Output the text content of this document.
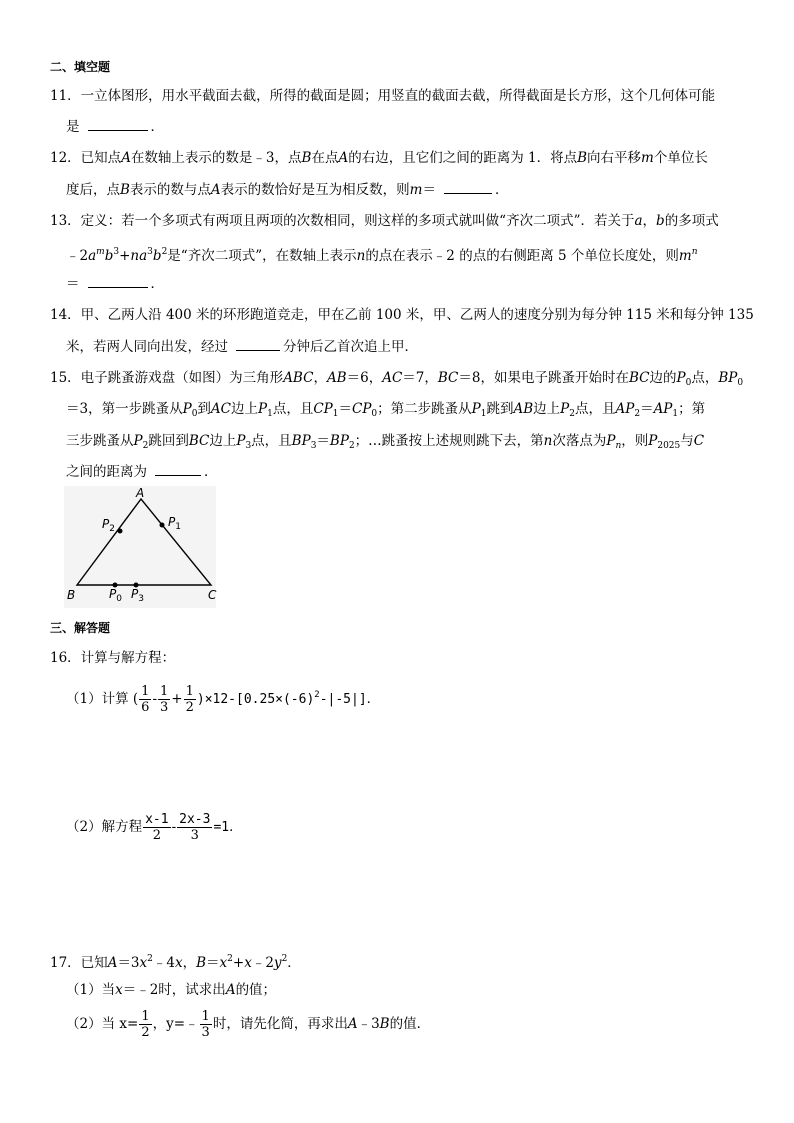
二、填空题
11．一立体图形，用水平截面去截，所得的截面是圆；用竖直的截面去截，所得截面是长方形，这个几何体可能
是	．
12．已知点A在数轴上表示的数是﹣3，点B在点A的右边，且它们之间的距离为 1．将点B向右平移m个单位长
度后，点B表示的数与点A表示的数恰好是互为相反数，则m＝	．
13．定义：若一个多项式有两项且两项的次数相同，则这样的多项式就叫做“齐次二项式”．若关于a，b的多项式
$﹣2a^mb^3+na^3b^2$是“齐次二项式”，在数轴上表示n的点在表示﹣2 的点的右侧距离 5 个单位长度处，则$m^n$
＝	．
14．甲、乙两人沿 400 米的环形跑道竞走，甲在乙前 100 米，甲、乙两人的速度分别为每分钟 115 米和每分钟 135
米，若两人同向出发，经过	分钟后乙首次追上甲．
15．电子跳蚤游戏盘（如图）为三角形ABC，AB＝6，AC＝7，BC＝8，如果电子跳蚤开始时在BC边的$P_0$点，$BP_0$
＝3，第一步跳蚤从$P_0$到AC边上$P_1$点，且$CP_1=CP_0$；第二步跳蚤从$P_1$跳到AB边上$P_2$点，且$AP_2=AP_1$；第
三步跳蚤从$P_2$跳回到BC边上$P_3$点，且$BP_3=BP_2$；…跳蚤按上述规则跳下去，第n次落点为$P_n$，则$P_{2025}$与C
之间的距离为	．
A
$P_2$	$P_1$
B	C
$P_0$ $P_3$
三、解答题
16．计算与解方程：
（1）计算 ( $\frac{1}{6} - \frac{1}{3} + \frac{1}{2} )\times 12-[0.25\times(-6)^2-|-5|]$．
（2）解方程 $\frac{x-1}{2} - \frac{2x-3}{3} =1$．
17．已知$A=3x^2﹣4x$，$B=x^2+x﹣2y^2$．
（1）当x＝﹣2时，试求出A的值；
（2）当 $x= \frac{1}{2}$ ，y=﹣ $\frac{1}{3}$ 时，请先化简，再求出A﹣3B的值．
